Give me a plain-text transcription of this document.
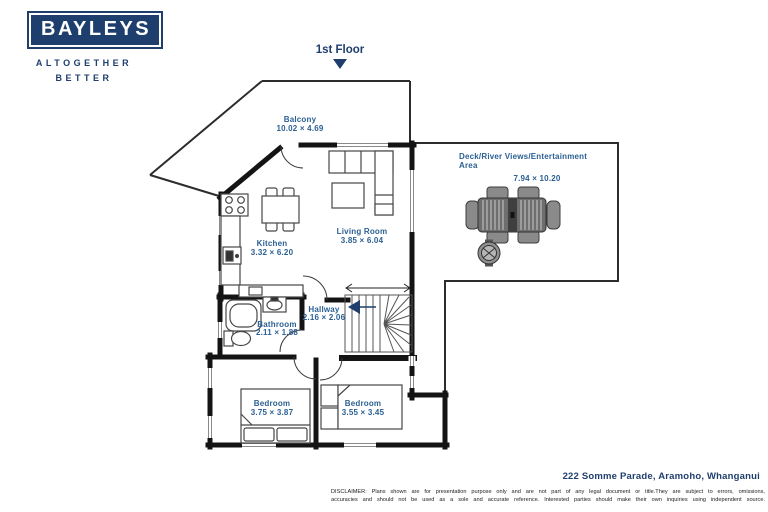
BAYLEYS
ALTOGETHER
BETTER
1st Floor
Balcony
10.02 × 4.69
Living Room
3.85 × 6.04
Kitchen
3.32 × 6.20
Deck/River Views/Entertainment
Area
7.94 × 10.20
Hallway
2.16 × 2.06
Bathroom
2.11 × 1.88
Bedroom
3.75 × 3.87
Bedroom
3.55 × 3.45
222 Somme Parade, Aramoho, Whanganui
DISCLAIMER: Plans shown are for presentation purpose only and are not part of any legal document or title.They are subject to errors, omissions,
accuracies and should not be used as a sole and accurate reference. Interested parties should make their own inquiries using independent source.
